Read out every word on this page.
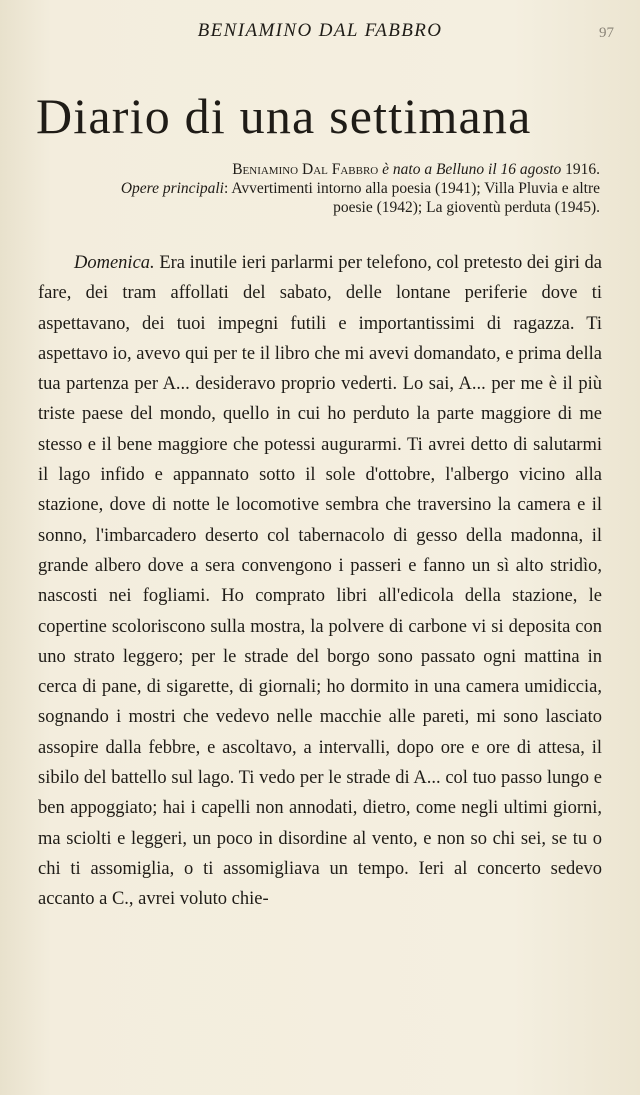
BENIAMINO DAL FABBRO	97
Diario di una settimana
Beniamino Dal Fabbro è nato a Belluno il 16 agosto 1916.
Opere principali: Avvertimenti intorno alla poesia (1941); Villa Pluvia e altre poesie (1942); La gioventù perduta (1945).

Domenica. Era inutile ieri parlarmi per telefono, col pretesto dei giri da fare, dei tram affollati del sabato, delle lontane periferie dove ti aspettavano, dei tuoi impegni futili e importantissimi di ragazza. Ti aspettavo io, avevo qui per te il libro che mi avevi domandato, e prima della tua partenza per A... desideravo proprio vederti. Lo sai, A... per me è il più triste paese del mondo, quello in cui ho perduto la parte maggiore di me stesso e il bene maggiore che potessi augurarmi. Ti avrei detto di salutarmi il lago infido e appannato sotto il sole d'ottobre, l'albergo vicino alla stazione, dove di notte le locomotive sembra che traversino la camera e il sonno, l'imbarcadero deserto col tabernacolo di gesso della madonna, il grande albero dove a sera convengono i passeri e fanno un sì alto stridìo, nascosti nei fogliami. Ho comprato libri all'edicola della stazione, le copertine scoloriscono sulla mostra, la polvere di carbone vi si deposita con uno strato leggero; per le strade del borgo sono passato ogni mattina in cerca di pane, di sigarette, di giornali; ho dormito in una camera umidiccia, sognando i mostri che vedevo nelle macchie alle pareti, mi sono lasciato assopire dalla febbre, e ascoltavo, a intervalli, dopo ore e ore di attesa, il sibilo del battello sul lago. Ti vedo per le strade di A... col tuo passo lungo e ben appoggiato; hai i capelli non annodati, dietro, come negli ultimi giorni, ma sciolti e leggeri, un poco in disordine al vento, e non so chi sei, se tu o chi ti assomiglia, o ti assomigliava un tempo. Ieri al concerto sedevo accanto a C., avrei voluto chie-
